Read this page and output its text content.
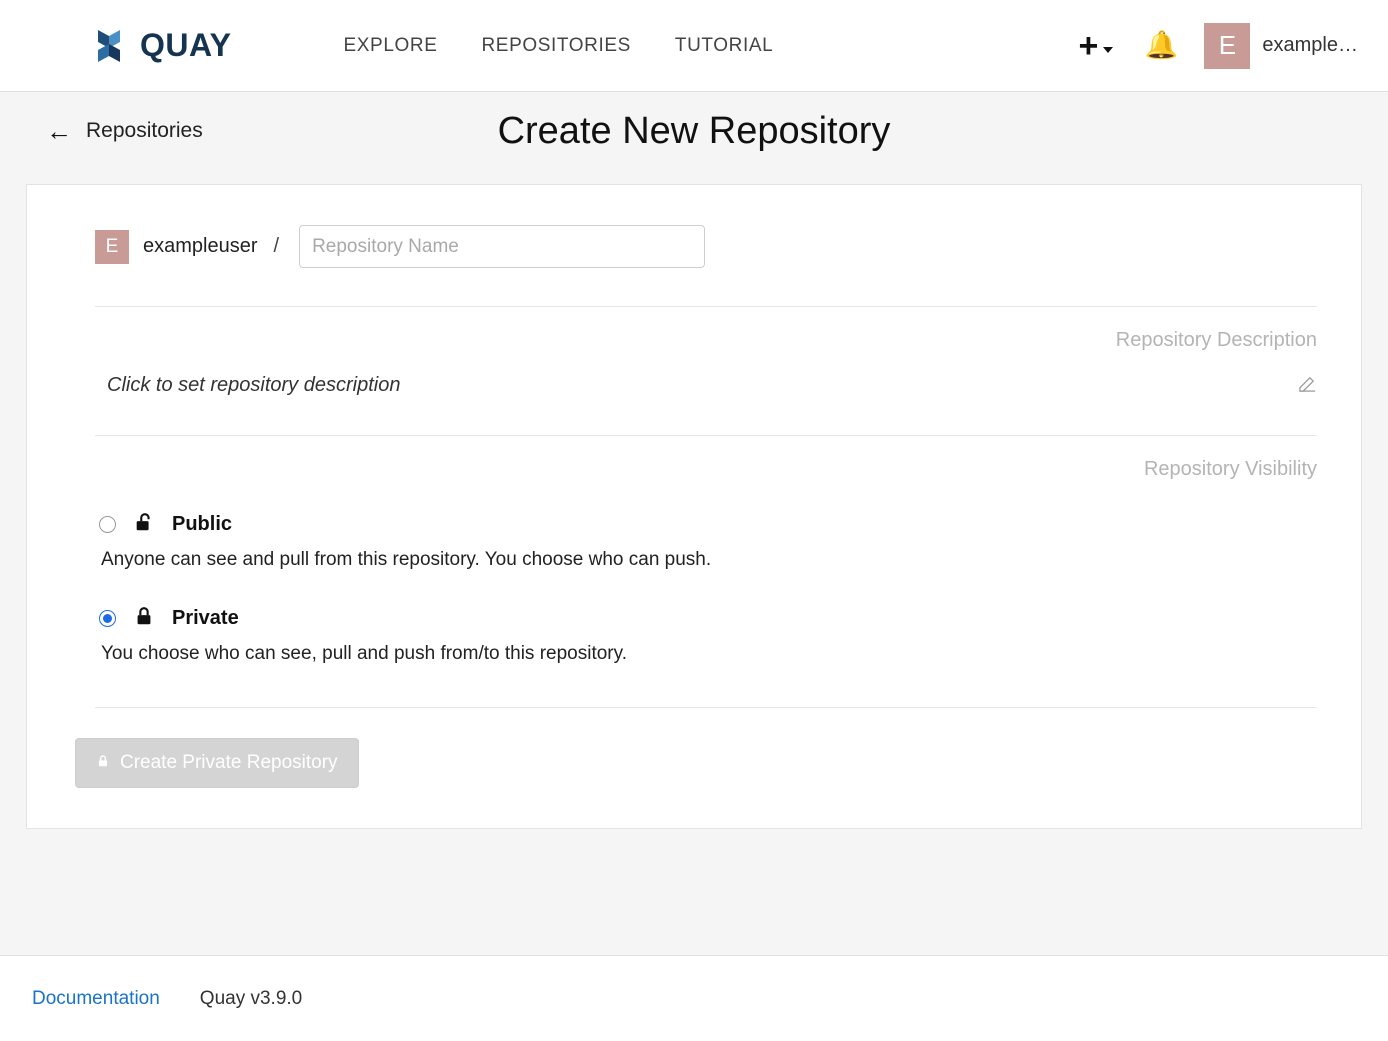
QUAY	EXPLORE REPOSITORIES TUTORIAL	+  🔔	E	example…
← Repositories	Create New Repository
E	exampleuser /
Repository Name
Repository Description
Click to set repository description
Repository Visibility
Public
Anyone can see and pull from this repository. You choose who can push.
Private
You choose who can see, pull and push from/to this repository.
Create Private Repository
Documentation Quay v3.9.0
